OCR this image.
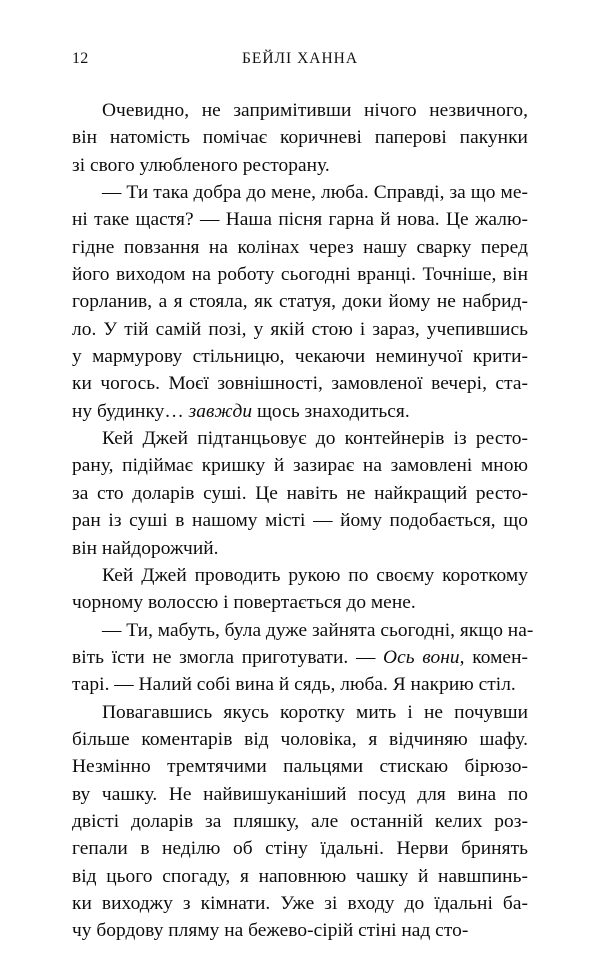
12	БЕЙЛІ ХАННА

Очевидно, не запримітивши нічого незвичного,
він натомість помічає коричневі паперові пакунки
зі свого улюбленого ресторану.

— Ти така добра до мене, люба. Справді, за що ме-
ні таке щастя? — Наша пісня гарна й нова. Це жалю-
гідне повзання на колінах через нашу сварку перед
його виходом на роботу сьогодні вранці. Точніше, він
горланив, а я стояла, як статуя, доки йому не набрид-
ло. У тій самій позі, у якій стою і зараз, учепившись
у мармурову стільницю, чекаючи неминучої крити-
ки чогось. Моєї зовнішності, замовленої вечері, ста-
ну будинку… завжди щось знаходиться.

Кей Джей підтанцьовує до контейнерів із ресто-
рану, підіймає кришку й зазирає на замовлені мною
за сто доларів суші. Це навіть не найкращий ресто-
ран із суші в нашому місті — йому подобається, що
він найдорожчий.

Кей Джей проводить рукою по своєму короткому
чорному волоссю і повертається до мене.

— Ти, мабуть, була дуже зайнята сьогодні, якщо на-
віть їсти не змогла приготувати. — Ось вони, комен-
тарі. — Налий собі вина й сядь, люба. Я накрию стіл.

Повагавшись якусь коротку мить і не почувши
більше коментарів від чоловіка, я відчиняю шафу.
Незмінно тремтячими пальцями стискаю бірюзо-
ву чашку. Не найвишуканіший посуд для вина по
двісті доларів за пляшку, але останній келих роз-
гепали в неділю об стіну їдальні. Нерви бринять
від цього спогаду, я наповнюю чашку й навшпинь-
ки виходжу з кімнати. Уже зі входу до їдальні ба-
чу бордову пляму на бежево-сірій стіні над сто-
